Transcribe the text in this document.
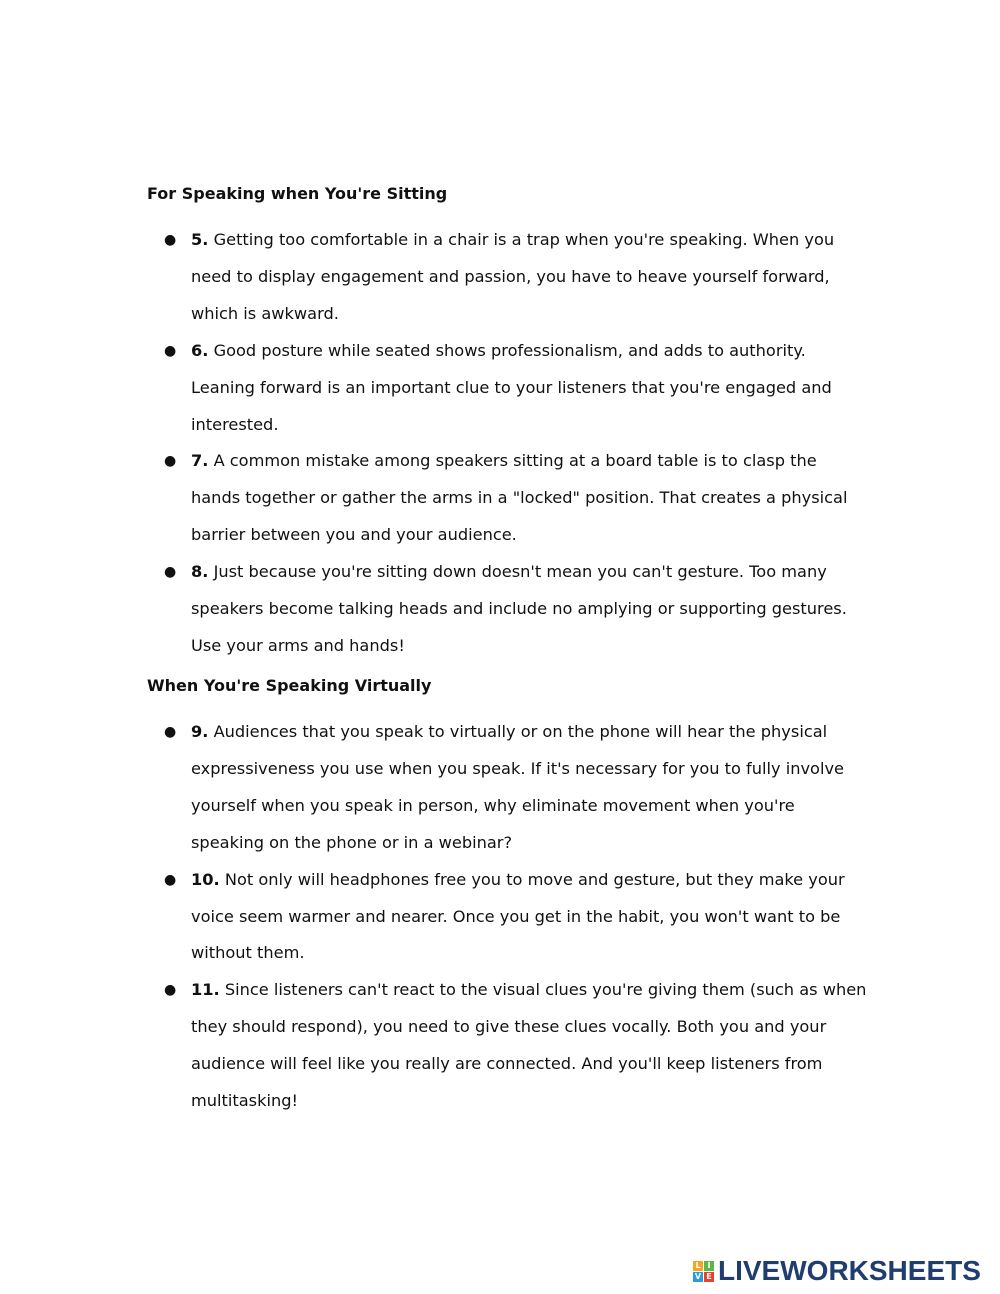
For Speaking when You're Sitting

● 5. Getting too comfortable in a chair is a trap when you're speaking. When you need to display engagement and passion, you have to heave yourself forward, which is awkward.
● 6. Good posture while seated shows professionalism, and adds to authority. Leaning forward is an important clue to your listeners that you're engaged and interested.
● 7. A common mistake among speakers sitting at a board table is to clasp the hands together or gather the arms in a "locked" position. That creates a physical barrier between you and your audience.
● 8. Just because you're sitting down doesn't mean you can't gesture. Too many speakers become talking heads and include no amplying or supporting gestures. Use your arms and hands!

When You're Speaking Virtually

● 9. Audiences that you speak to virtually or on the phone will hear the physical expressiveness you use when you speak. If it's necessary for you to fully involve yourself when you speak in person, why eliminate movement when you're speaking on the phone or in a webinar?
● 10. Not only will headphones free you to move and gesture, but they make your voice seem warmer and nearer. Once you get in the habit, you won't want to be without them.
● 11. Since listeners can't react to the visual clues you're giving them (such as when they should respond), you need to give these clues vocally. Both you and your audience will feel like you really are connected. And you'll keep listeners from multitasking!
L I
V E LIVEWORKSHEETS
